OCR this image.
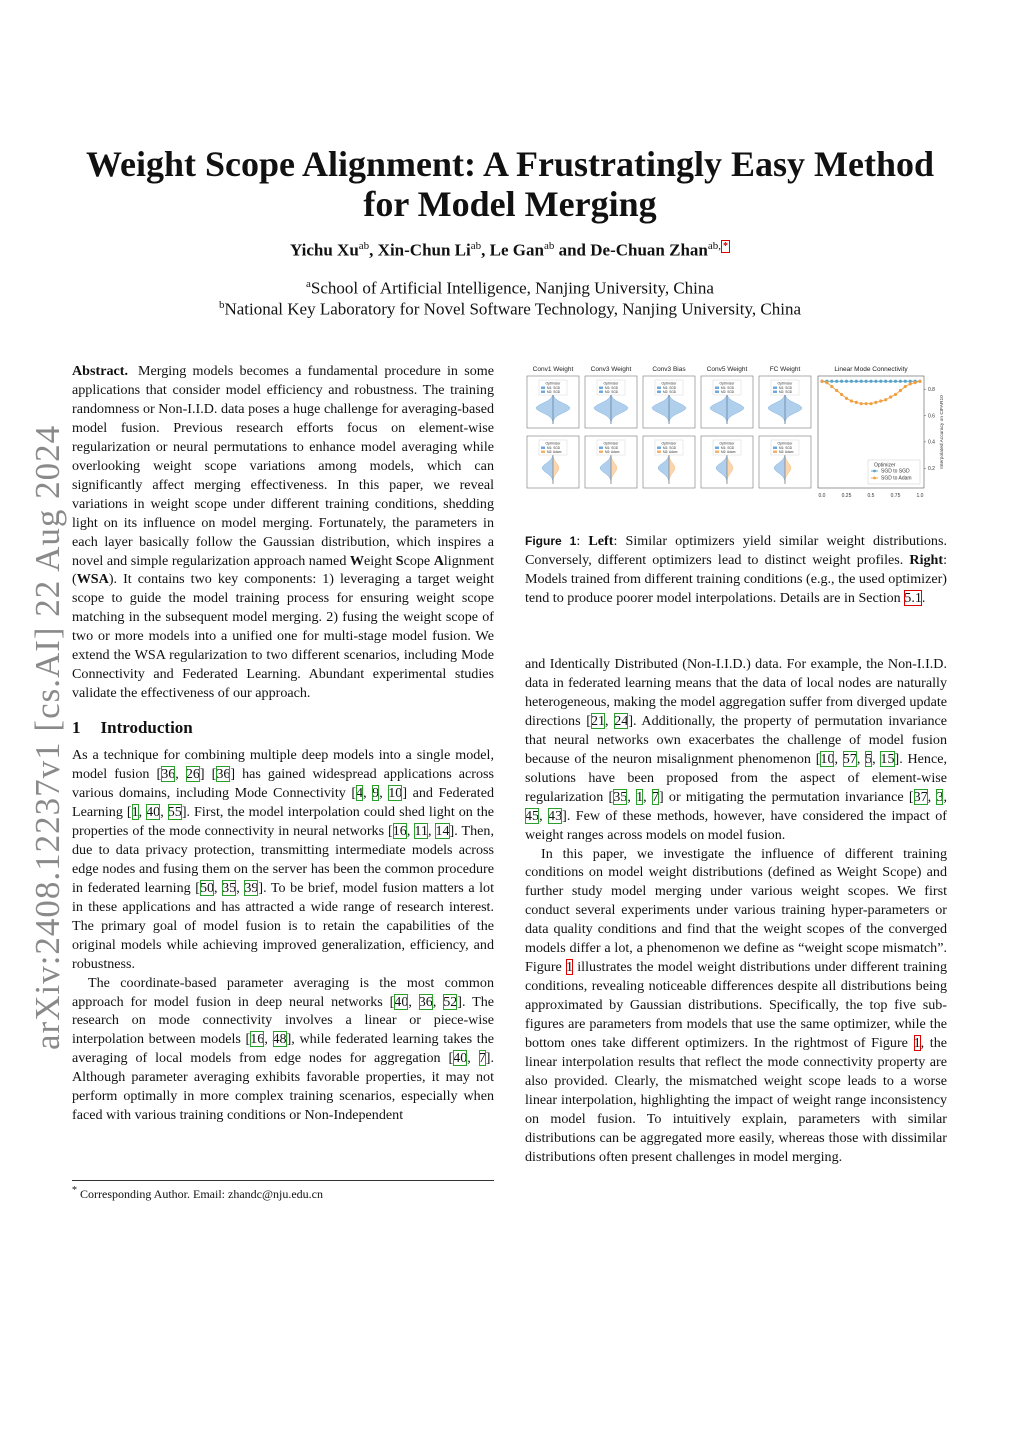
arXiv:2408.12237v1 [cs.AI] 22 Aug 2024
Weight Scope Alignment: A Frustratingly Easy Method
for Model Merging
Yichu $Xu^{ab}$, Xin-Chun $Li^{ab}$, Le Gan$^{ab}$ and De-Chuan Zhan$^{ab,}$ *
$^a$School of Artificial Intelligence, Nanjing University, China
$^b$National Key Laboratory for Novel Software Technology, Nanjing University, China

Abstract. Merging models becomes a fundamental procedure in some applications that consider model efficiency and robustness. The training randomness or Non-I.I.D. data poses a huge challenge for averaging-based model fusion. Previous research efforts focus on element-wise regularization or neural permutations to enhance model averaging while overlooking weight scope variations among models, which can significantly affect merging effectiveness. In this paper, we reveal variations in weight scope under different training conditions, shedding light on its influence on model merging. Fortunately, the parameters in each layer basically follow the Gaussian distribution, which inspires a novel and simple regularization approach named Weight Scope Alignment (WSA). It contains two key components: 1) leveraging a target weight scope to guide the model training process for ensuring weight scope matching in the subsequent model merging. 2) fusing the weight scope of two or more models into a unified one for multi-stage model fusion. We extend the WSA regularization to two different scenarios, including Mode Connectivity and Federated Learning. Abundant experimental studies validate the effectiveness of our approach.

1 Introduction

As a technique for combining multiple deep models into a single model, model fusion [36, 26] [36] has gained widespread applications across various domains, including Mode Connectivity [4, 9, 10] and Federated Learning [1, 40, 55]. First, the model interpolation could shed light on the properties of the mode connectivity in neural networks [16, 11, 14]. Then, due to data privacy protection, transmitting intermediate models across edge nodes and fusing them on the server has been the common procedure in federated learning [50, 35, 39]. To be brief, model fusion matters a lot in these applications and has attracted a wide range of research interest. The primary goal of model fusion is to retain the capabilities of the original models while achieving improved generalization, efficiency, and robustness.

The coordinate-based parameter averaging is the most common approach for model fusion in deep neural networks [40, 36, 52]. The research on mode connectivity involves a linear or piece-wise interpolation between models [16, 48], while federated learning takes the averaging of local models from edge nodes for aggregation [40, 7]. Although parameter averaging exhibits favorable properties, it may not perform optimally in more complex training scenarios, especially when faced with various training conditions or Non-Independent

* Corresponding Author. Email: zhandc@nju.edu.cn
Conv1 Weight
Optimizer
M1: SGD
M2: SGD
Optimizer
M1: SGD
M2: Adam
Conv3 Weight
Optimizer
M1: SGD
M2: SGD
Optimizer
M1: SGD
M2: Adam
Conv3 Bias
Optimizer
M1: SGD
M2: SGD
Optimizer
M1: SGD
M2: Adam
Conv5 Weight
Optimizer
M1: SGD
M2: SGD
Optimizer
M1: SGD
M2: Adam
FC Weight
Optimizer
M1: SGD
M2: SGD
Optimizer
M1: SGD
M2: Adam
Linear Mode Connectivity
0.0	0.25	0.5	0.75	1.0
0.2
0.4
0.6
0.8
Interpolated Accuracy on CIFAR10
Optimizer
SGD to SGD
SGD to Adam
Figure 1: Left: Similar optimizers yield similar weight distributions. Conversely, different optimizers lead to distinct weight profiles. Right: Models trained from different training conditions (e.g., the used optimizer) tend to produce poorer model interpolations. Details are in Section 5.1.

and Identically Distributed (Non-I.I.D.) data. For example, the Non-I.I.D. data in federated learning means that the data of local nodes are naturally heterogeneous, making the model aggregation suffer from diverged update directions [21, 24]. Additionally, the property of permutation invariance that neural networks own exacerbates the challenge of model fusion because of the neuron misalignment phenomenon [10, 57, 5, 15]. Hence, solutions have been proposed from the aspect of element-wise regularization [35, 1, 7] or mitigating the permutation invariance [37, 3, 45, 43]. Few of these methods, however, have considered the impact of weight ranges across models on model fusion.

In this paper, we investigate the influence of different training conditions on model weight distributions (defined as Weight Scope) and further study model merging under various weight scopes. We first conduct several experiments under various training hyper-parameters or data quality conditions and find that the weight scopes of the converged models differ a lot, a phenomenon we define as “weight scope mismatch”. Figure 1 illustrates the model weight distributions under different training conditions, revealing noticeable differences despite all distributions being approximated by Gaussian distributions. Specifically, the top five sub-figures are parameters from models that use the same optimizer, while the bottom ones take different optimizers. In the rightmost of Figure 1, the linear interpolation results that reflect the mode connectivity property are also provided. Clearly, the mismatched weight scope leads to a worse linear interpolation, highlighting the impact of weight range inconsistency on model fusion. To intuitively explain, parameters with similar distributions can be aggregated more easily, whereas those with dissimilar distributions often present challenges in model merging.
